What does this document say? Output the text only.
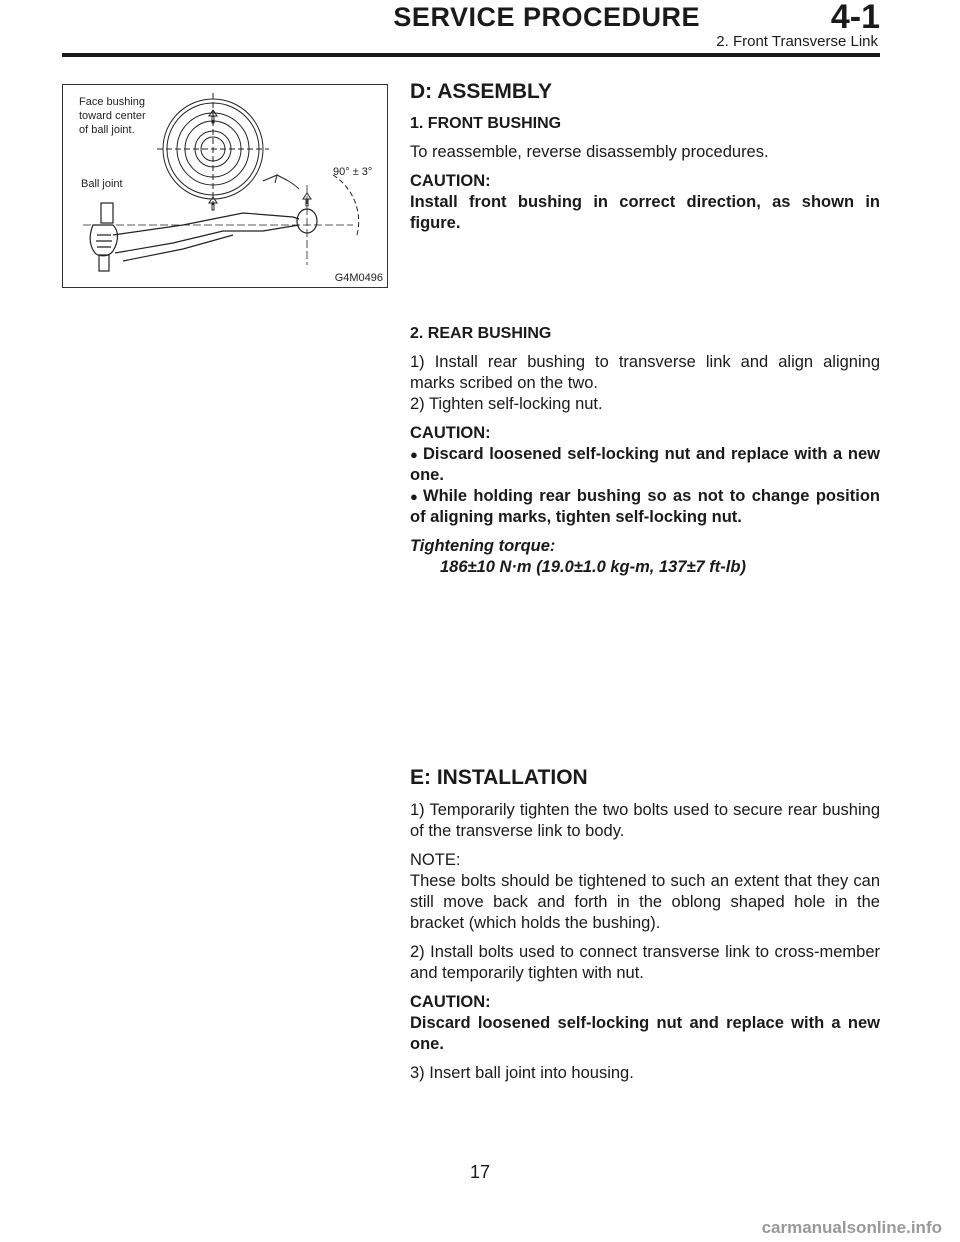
SERVICE PROCEDURE	4-1
2. Front Transverse Link
Face bushing
toward center
of ball joint.
Ball joint
90° ± 3°
G4M0496
D: ASSEMBLY
1. FRONT BUSHING

To reassemble, reverse disassembly procedures.

CAUTION:

Install front bushing in correct direction, as shown in figure.

2. REAR BUSHING

1) Install rear bushing to transverse link and align aligning marks scribed on the two.

2) Tighten self-locking nut.

CAUTION:

● Discard loosened self-locking nut and replace with a new one.

● While holding rear bushing so as not to change position of aligning marks, tighten self-locking nut.

Tightening torque:

186±10 N·m (19.0±1.0 kg-m, 137±7 ft-lb)

E: INSTALLATION

1) Temporarily tighten the two bolts used to secure rear bushing of the transverse link to body.

NOTE:

These bolts should be tightened to such an extent that they can still move back and forth in the oblong shaped hole in the bracket (which holds the bushing).

2) Install bolts used to connect transverse link to cross-member and temporarily tighten with nut.

CAUTION:

Discard loosened self-locking nut and replace with a new one.

3) Insert ball joint into housing.

17
carmanualsonline.info
